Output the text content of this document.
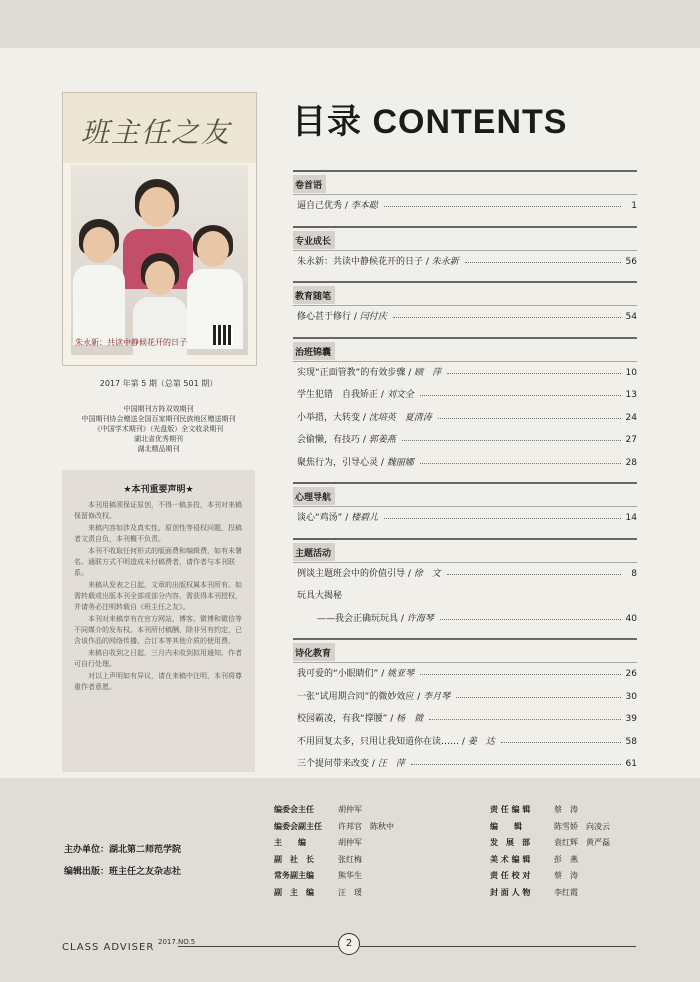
班主任之友
朱永新：共读中静候花开的日子
2017 年第 5 期（总第 501 期）
中国期刊方阵双效期刊
中国期刊协会赠送全国百家期刊民族地区赠送期刊
《中国学术期刊》（光盘版）全文收录期刊
湖北省优秀期刊
湖北精品期刊
★本刊重要声明★

本刊用稿须保证原创，不得一稿多投，本刊对来稿保留修改权。

来稿内容如涉及真实性、原创性等侵权问题，投稿者文责自负，本刊概不负责。

本刊不收取任何形式的版面费和编辑费，如有未署名、通联方式不明造成未付稿费者，请作者与本刊联系。

来稿从发表之日起，文章的出版权属本刊所有。如需转载或出版本刊全部或部分内容，需获得本刊授权，并请务必注明转载自《班主任之友》。

本刊对来稿享有在官方网站、博客、微博和微信等不同媒介的发布权。本刊所付稿酬，除非另有约定，已含该作品的网络传播、合订本等其他介质的使用费。

来稿自收到之日起，三月内未收到拟用通知，作者可自行处理。

对以上声明如有异议，请在来稿中注明，本刊将尊重作者意愿。

目录 CONTENTS
卷首语
逼自己优秀 / 李本聪	1
专业成长
朱永新：共读中静候花开的日子 / 朱永新	56
教育随笔
修心甚于修行 / 闫付庆	54
治班锦囊
实现“正面管教”的有效步骤 / 顾　萍	10
学生犯错　自我矫正 / 刘文全	13
小举措，大转变 / 沈培英　夏清涛	24
会偷懒，有技巧 / 郭姜燕	27
聚焦行为，引导心灵 / 魏丽娜	28
心理导航
谈心“鸡汤” / 楼碧儿	14
主题活动
例谈主题班会中的价值引导 / 徐　文	8
玩具大揭秘
——我会正确玩玩具 / 许海琴	40
诗化教育
我可爱的“小眼睛们” / 姚亚琴	26
一张“试用期合同”的微妙效应 / 李月琴	30
校园霸凌，有我“撑腰” / 杨　微	39
不用回复太多，只用让我知道你在读…… / 姜　达	58
三个提问带来改变 / 汪　萍	61
主办单位：湖北第二师范学院
编辑出版：班主任之友杂志社
编委会主任	胡仲军
编委会副主任 许邦官　陈秋中
主　　编	胡仲军
副　社　长	张红梅
常务副主编	熊华生
副　主　编	汪　瑗
责 任 编 辑	蔡　涛
编　　辑	陈雪娇　向凌云
发　展　部	袁红辉　黄严磊
美 术 编 辑	彭　燕
责 任 校 对	蔡　涛
封 面 人 物	李红霞
CLASS ADVISER 2017.NO.5	2
